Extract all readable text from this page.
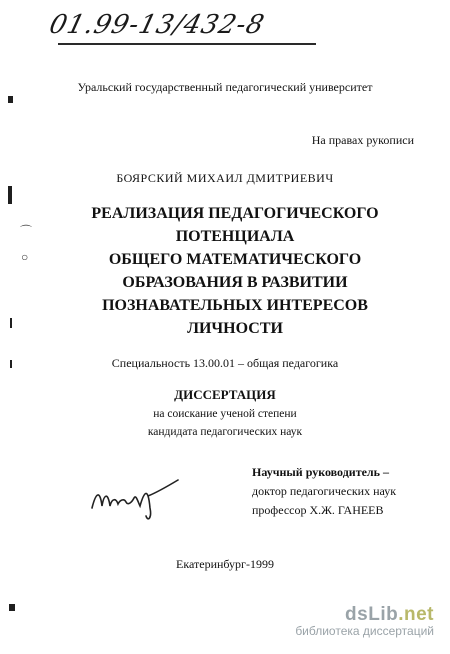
⌒
○
01.99-13/432-8
Уральский государственный педагогический университет
На правах рукописи
БОЯРСКИЙ МИХАИЛ ДМИТРИЕВИЧ
РЕАЛИЗАЦИЯ ПЕДАГОГИЧЕСКОГО ПОТЕНЦИАЛА
ОБЩЕГО МАТЕМАТИЧЕСКОГО
ОБРАЗОВАНИЯ В РАЗВИТИИ
ПОЗНАВАТЕЛЬНЫХ ИНТЕРЕСОВ
ЛИЧНОСТИ
Специальность 13.00.01 – общая педагогика
ДИССЕРТАЦИЯ
на соискание ученой степени
кандидата педагогических наук
Научный руководитель –
доктор педагогических наук
профессор Х.Ж. ГАНЕЕВ
Екатеринбург-1999
dsLib.net
библиотека диссертаций
